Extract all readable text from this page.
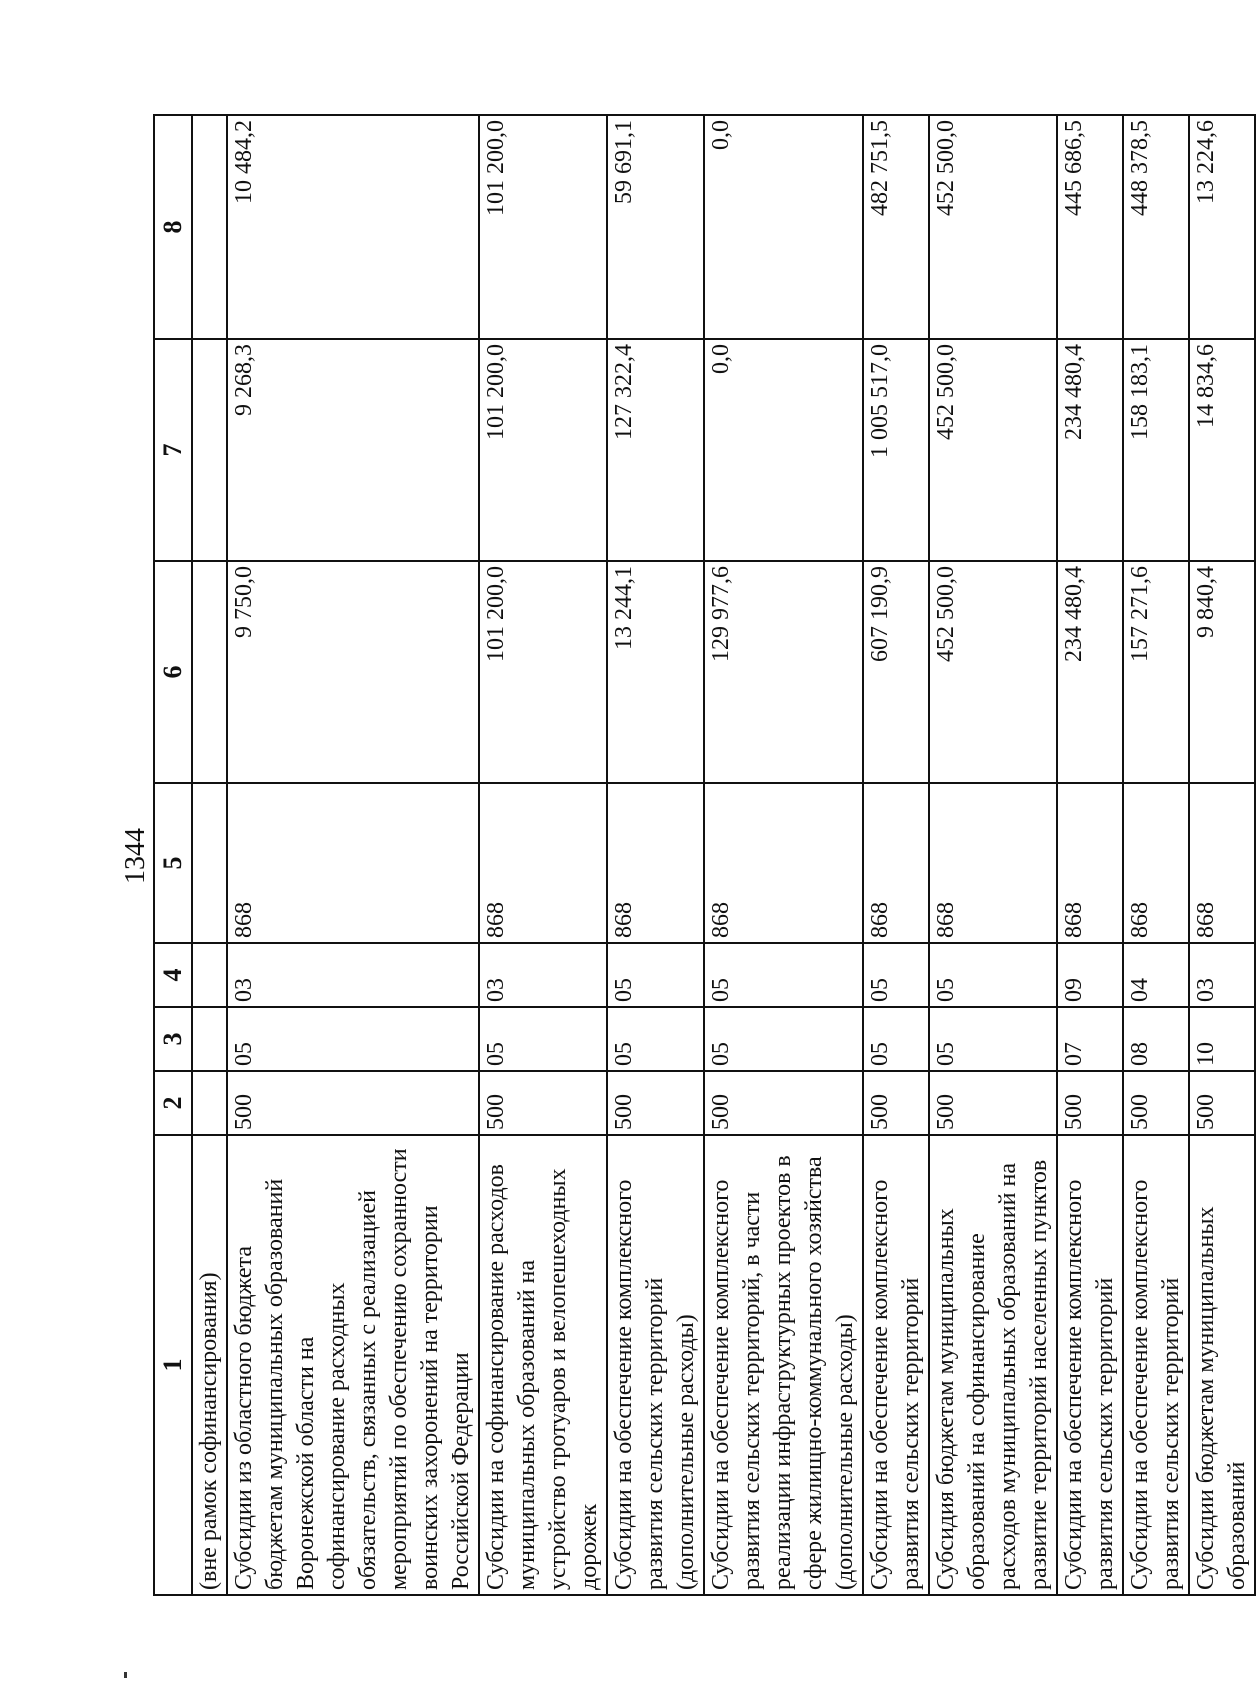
1344
1	2	3	4	5	6	7	8
(вне рамок софинансирования)							
Субсидии из областного бюджета бюджетам муниципальных образований Воронежской области на софинансирование расходных обязательств, связанных с реализацией мероприятий по обеспечению сохранности воинских захоронений на территории Российской Федерации	500	05	03	868	9 750,0	9 268,3	10 484,2
Субсидии на софинансирование расходов муниципальных образований на устройство тротуаров и велопешеходных дорожек	500	05	03	868	101 200,0	101 200,0	101 200,0
Субсидии на обеспечение комплексного развития сельских территорий (дополнительные расходы)	500	05	05	868	13 244,1	127 322,4	59 691,1
Субсидии на обеспечение комплексного развития сельских территорий, в части реализации инфраструктурных проектов в сфере жилищно-коммунального хозяйства (дополнительные расходы)	500	05	05	868	129 977,6	0,0	0,0
Субсидии на обеспечение комплексного развития сельских территорий	500	05	05	868	607 190,9	1 005 517,0	482 751,5
Субсидия бюджетам муниципальных образований на софинансирование расходов муниципальных образований на развитие территорий населенных пунктов	500	05	05	868	452 500,0	452 500,0	452 500,0
Субсидии на обеспечение комплексного развития сельских территорий	500	07	09	868	234 480,4	234 480,4	445 686,5
Субсидии на обеспечение комплексного развития сельских территорий	500	08	04	868	157 271,6	158 183,1	448 378,5
Субсидии бюджетам муниципальных образований	500	10	03	868	9 840,4	14 834,6	13 224,6
